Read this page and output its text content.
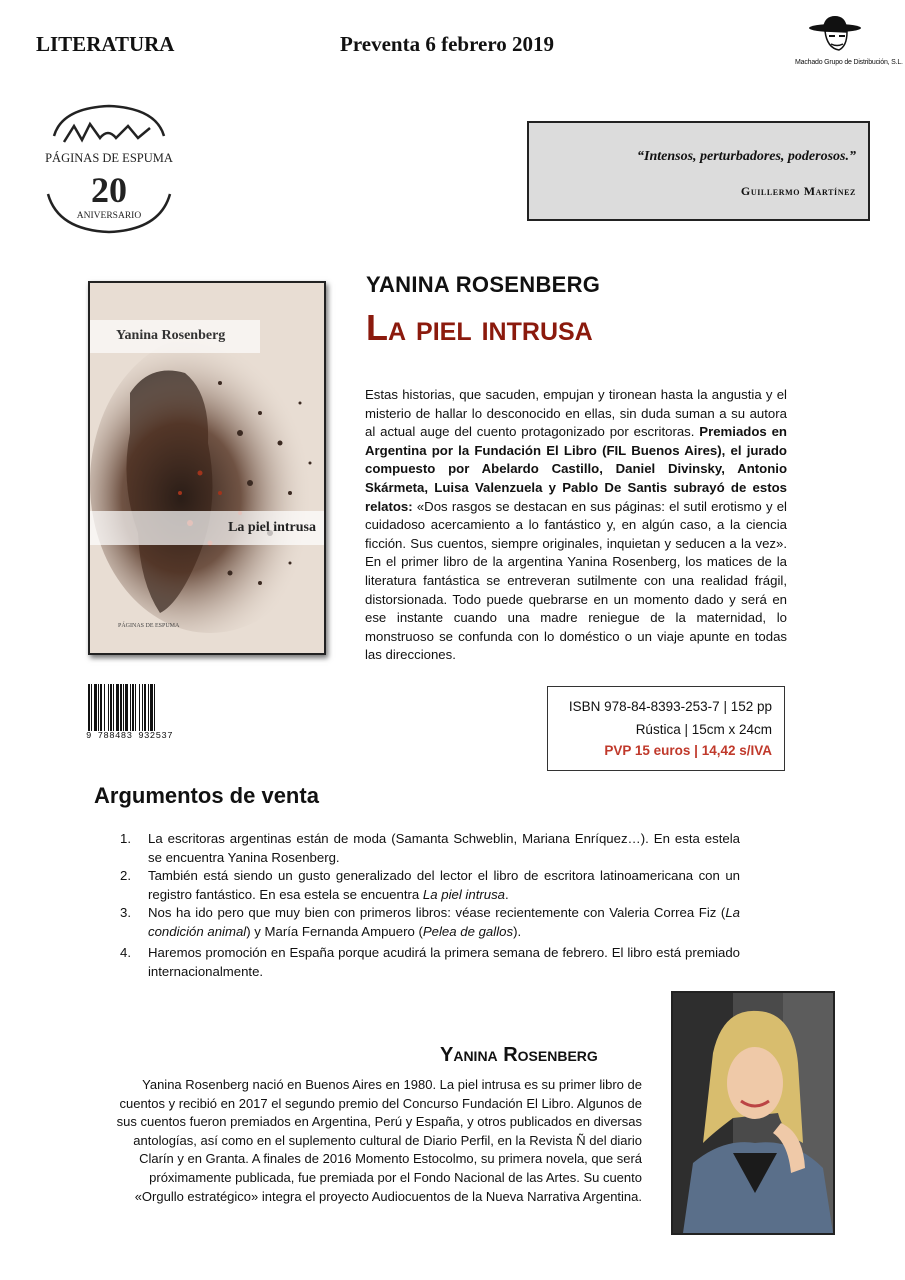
LITERATURA	Preventa 6 febrero 2019
Machado Grupo de Distribución, S.L.
PÁGINAS DE ESPUMA
20
ANIVERSARIO
“Intensos, perturbadores, poderosos.”
Guillermo Martínez
Yanina Rosenberg
La piel intrusa
PÁGINAS DE ESPUMA
YANINA ROSENBERG
La piel intrusa
Estas historias, que sacuden, empujan y tironean hasta la angustia y el misterio de hallar lo desconocido en ellas, sin duda suman a su autora al actual auge del cuento protagonizado por escritoras. Premiados en Argentina por la Fundación El Libro (FIL Buenos Aires), el jurado compuesto por Abelardo Castillo, Daniel Divinsky, Antonio Skármeta, Luisa Valenzuela y Pablo De Santis subrayó de estos relatos: «Dos rasgos se destacan en sus páginas: el sutil erotismo y el cuidadoso acercamiento a lo fantástico y, en algún caso, a la ciencia ficción. Sus cuentos, siempre originales, inquietan y seducen a la vez». En el primer libro de la argentina Yanina Rosenberg, los matices de la literatura fantástica se entreveran sutilmente con una realidad frágil, distorsionada. Todo puede quebrarse en un momento dado y será en ese instante cuando una madre reniegue de la maternidad, lo monstruoso se confunda con lo doméstico o un viaje apunte en todas las direcciones.
9 788483 932537
ISBN 978-84-8393-253-7 | 152 pp
Rústica | 15cm x 24cm
PVP 15 euros | 14,42 s/IVA
Argumentos de venta
1. La escritoras argentinas están de moda (Samanta Schweblin, Mariana Enríquez…). En esta estela se encuentra Yanina Rosenberg.
2. También está siendo un gusto generalizado del lector el libro de escritora latinoamericana con un registro fantástico. En esa estela se encuentra La piel intrusa.
3. Nos ha ido pero que muy bien con primeros libros: véase recientemente con Valeria Correa Fiz (La condición animal) y María Fernanda Ampuero (Pelea de gallos).
4. Haremos promoción en España porque acudirá la primera semana de febrero. El libro está premiado internacionalmente.
Yanina Rosenberg
Yanina Rosenberg nació en Buenos Aires en 1980. La piel intrusa es su primer libro de cuentos y recibió en 2017 el segundo premio del Concurso Fundación El Libro. Algunos de sus cuentos fueron premiados en Argentina, Perú y España, y otros publicados en diversas antologías, así como en el suplemento cultural de Diario Perfil, en la Revista Ñ del diario Clarín y en Granta. A finales de 2016 Momento Estocolmo, su primera novela, que será próximamente publicada, fue premiada por el Fondo Nacional de las Artes. Su cuento «Orgullo estratégico» integra el proyecto Audiocuentos de la Nueva Narrativa Argentina.
